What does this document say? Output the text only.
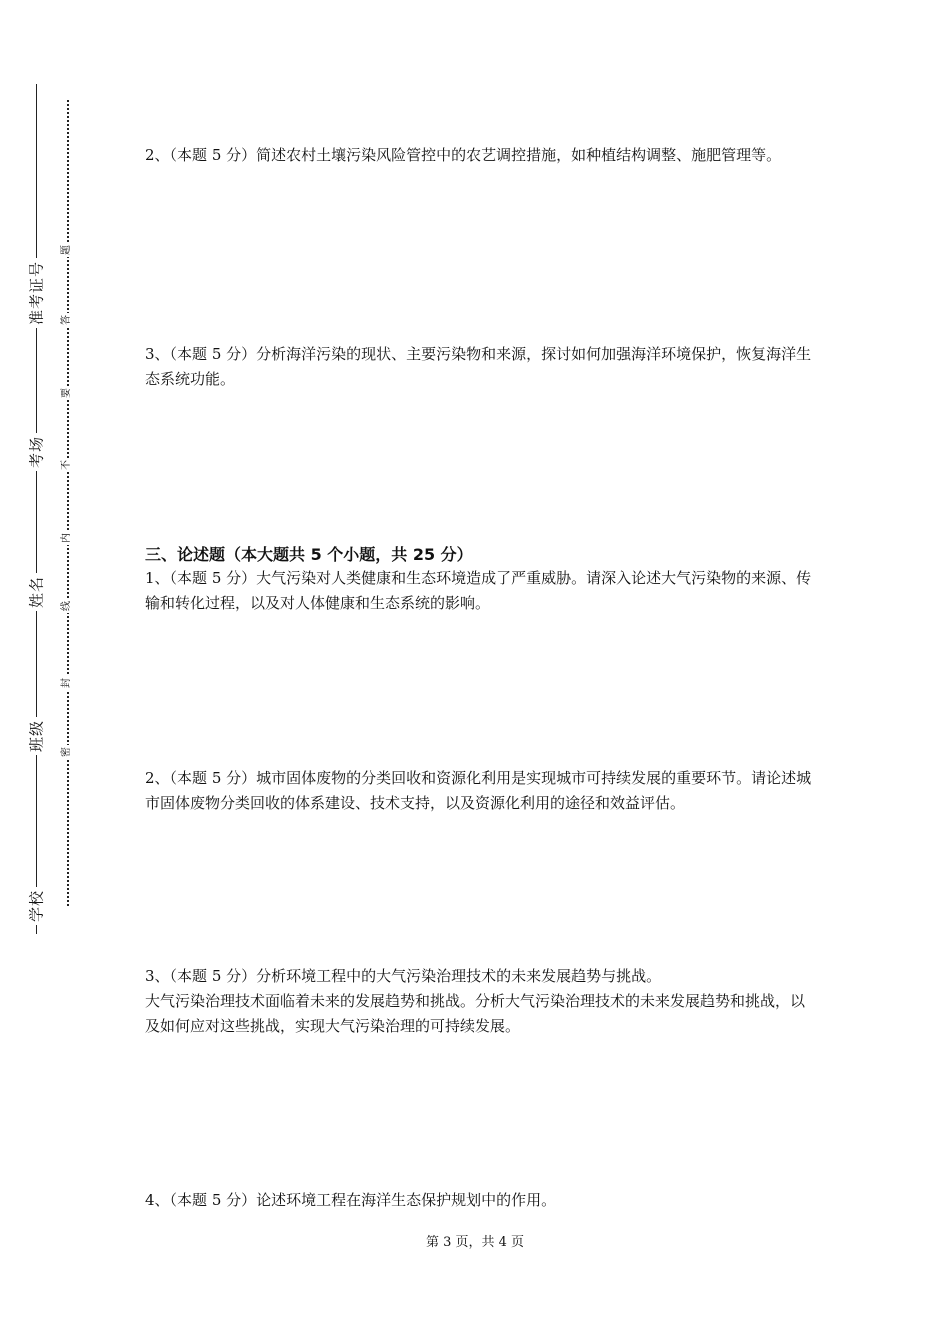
准考证号
考场
姓名
班级
学校
密
封
线
内
不
要
答
题

2、（本题 5 分）简述农村土壤污染风险管控中的农艺调控措施，如种植结构调整、施肥管理等。

3、（本题 5 分）分析海洋污染的现状、主要污染物和来源，探讨如何加强海洋环境保护，恢复海洋生态系统功能。

三、论述题（本大题共 5 个小题，共 25 分）

1、（本题 5 分）大气污染对人类健康和生态环境造成了严重威胁。请深入论述大气污染物的来源、传输和转化过程，以及对人体健康和生态系统的影响。

2、（本题 5 分）城市固体废物的分类回收和资源化利用是实现城市可持续发展的重要环节。请论述城市固体废物分类回收的体系建设、技术支持，以及资源化利用的途径和效益评估。

3、（本题 5 分）分析环境工程中的大气污染治理技术的未来发展趋势与挑战。
大气污染治理技术面临着未来的发展趋势和挑战。分析大气污染治理技术的未来发展趋势和挑战，以及如何应对这些挑战，实现大气污染治理的可持续发展。

4、（本题 5 分）论述环境工程在海洋生态保护规划中的作用。

第 3 页，共 4 页
